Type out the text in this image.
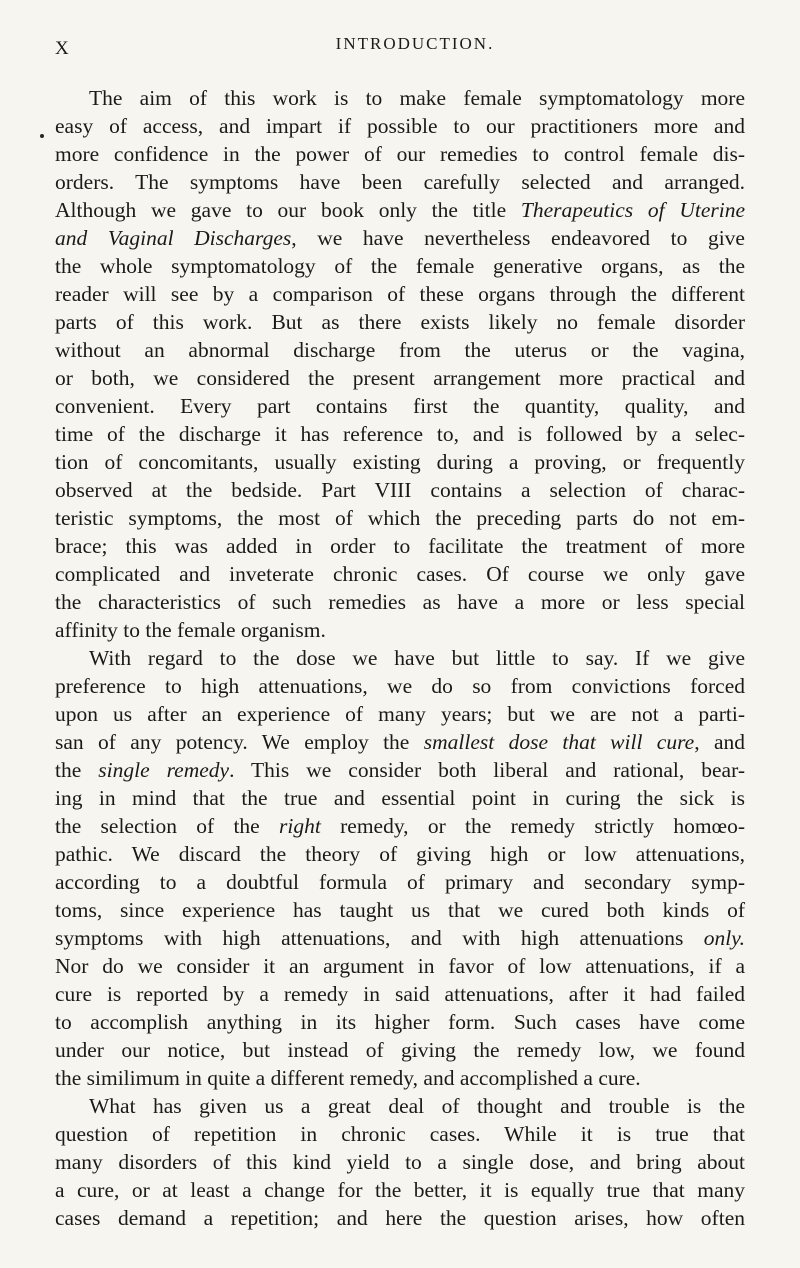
X	INTRODUCTION.
The aim of this work is to make female symptomatology more
easy of access, and impart if possible to our practitioners more and
more confidence in the power of our remedies to control female dis-
orders. The symptoms have been carefully selected and arranged.
Although we gave to our book only the title Therapeutics of Uterine
and Vaginal Discharges, we have nevertheless endeavored to give
the whole symptomatology of the female generative organs, as the
reader will see by a comparison of these organs through the different
parts of this work. But as there exists likely no female disorder
without an abnormal discharge from the uterus or the vagina,
or both, we considered the present arrangement more practical and
convenient. Every part contains first the quantity, quality, and
time of the discharge it has reference to, and is followed by a selec-
tion of concomitants, usually existing during a proving, or frequently
observed at the bedside. Part VIII contains a selection of charac-
teristic symptoms, the most of which the preceding parts do not em-
brace; this was added in order to facilitate the treatment of more
complicated and inveterate chronic cases. Of course we only gave
the characteristics of such remedies as have a more or less special
affinity to the female organism.
With regard to the dose we have but little to say. If we give
preference to high attenuations, we do so from convictions forced
upon us after an experience of many years; but we are not a parti-
san of any potency. We employ the smallest dose that will cure, and
the single remedy. This we consider both liberal and rational, bear-
ing in mind that the true and essential point in curing the sick is
the selection of the right remedy, or the remedy strictly homœo-
pathic. We discard the theory of giving high or low attenuations,
according to a doubtful formula of primary and secondary symp-
toms, since experience has taught us that we cured both kinds of
symptoms with high attenuations, and with high attenuations only.
Nor do we consider it an argument in favor of low attenuations, if a
cure is reported by a remedy in said attenuations, after it had failed
to accomplish anything in its higher form. Such cases have come
under our notice, but instead of giving the remedy low, we found
the similimum in quite a different remedy, and accomplished a cure.
What has given us a great deal of thought and trouble is the
question of repetition in chronic cases. While it is true that
many disorders of this kind yield to a single dose, and bring about
a cure, or at least a change for the better, it is equally true that many
cases demand a repetition; and here the question arises, how often
